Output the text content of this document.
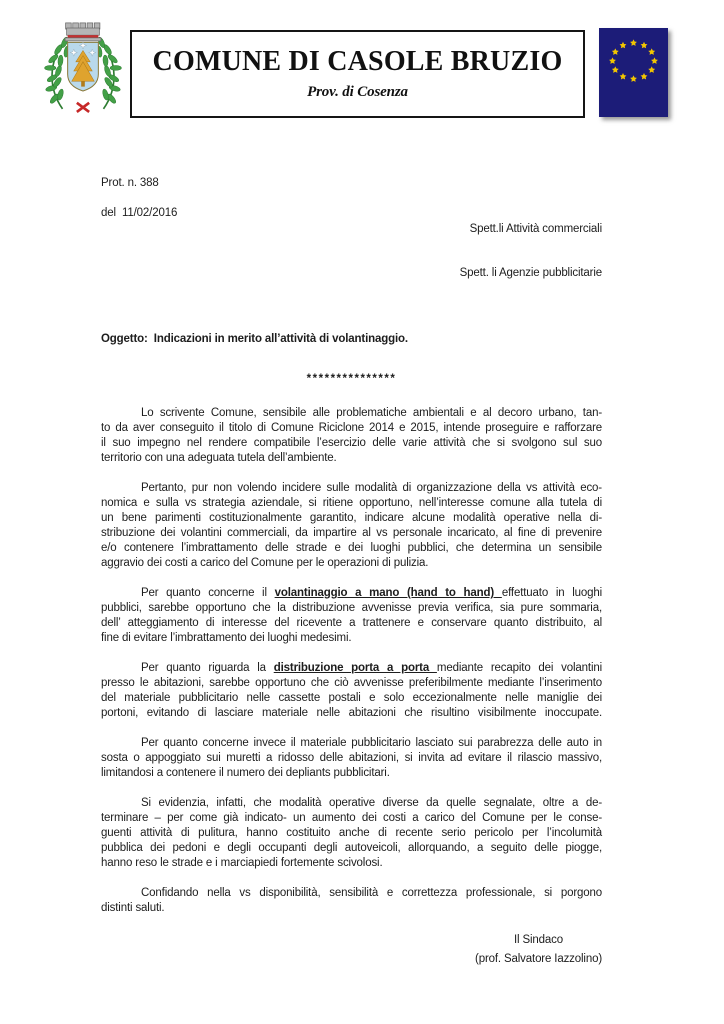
COMUNE DI CASOLE BRUZIO
Prov. di Cosenza
Prot. n. 388
del  11/02/2016
Spett.li Attività commerciali
Spett. li Agenzie pubblicitarie
Oggetto:  Indicazioni in merito all’attività di volantinaggio.
***************
Lo scrivente Comune, sensibile alle problematiche ambientali e al decoro urbano, tan-
to da aver conseguito il titolo di Comune Riciclone 2014 e 2015, intende proseguire e rafforzare
il suo impegno nel rendere compatibile l’esercizio delle varie attività che si svolgono sul suo
territorio con una adeguata tutela dell’ambiente.
Pertanto, pur non volendo incidere sulle modalità di organizzazione della vs attività eco-
nomica e sulla vs strategia aziendale, si ritiene opportuno, nell’interesse comune alla tutela di
un bene parimenti costituzionalmente garantito, indicare alcune modalità operative nella di-
stribuzione dei volantini commerciali, da impartire al vs personale incaricato, al fine di prevenire
e/o contenere l’imbrattamento delle strade e dei luoghi pubblici, che determina un sensibile
aggravio dei costi a carico del Comune per le operazioni di pulizia.
Per quanto concerne il volantinaggio a mano (hand to hand) effettuato in luoghi
pubblici, sarebbe opportuno che la distribuzione avvenisse previa verifica, sia pure sommaria,
dell’ atteggiamento di interesse del ricevente a trattenere e conservare quanto distribuito, al
fine di evitare l’imbrattamento dei luoghi medesimi.
Per quanto riguarda la distribuzione porta a porta mediante recapito dei volantini
presso le abitazioni, sarebbe opportuno che ciò avvenisse preferibilmente mediante l’inserimento
del materiale pubblicitario nelle cassette postali e solo eccezionalmente nelle maniglie dei
portoni, evitando di lasciare materiale nelle abitazioni che risultino visibilmente inoccupate.
Per quanto concerne invece il materiale pubblicitario lasciato sui parabrezza delle auto in
sosta o appoggiato sui muretti a ridosso delle abitazioni, si invita ad evitare il rilascio massivo,
limitandosi a contenere il numero dei depliants pubblicitari.
Si evidenzia, infatti, che modalità operative diverse da quelle segnalate, oltre a de-
terminare – per come già indicato- un aumento dei costi a carico del Comune per le conse-
guenti attività di pulitura, hanno costituito anche di recente serio pericolo per l’incolumità
pubblica dei pedoni e degli occupanti degli autoveicoli, allorquando, a seguito delle piogge,
hanno reso le strade e i marciapiedi fortemente scivolosi.
Confidando nella vs disponibilità, sensibilità e correttezza professionale, si porgono
distinti saluti.
Il Sindaco
(prof. Salvatore Iazzolino)
